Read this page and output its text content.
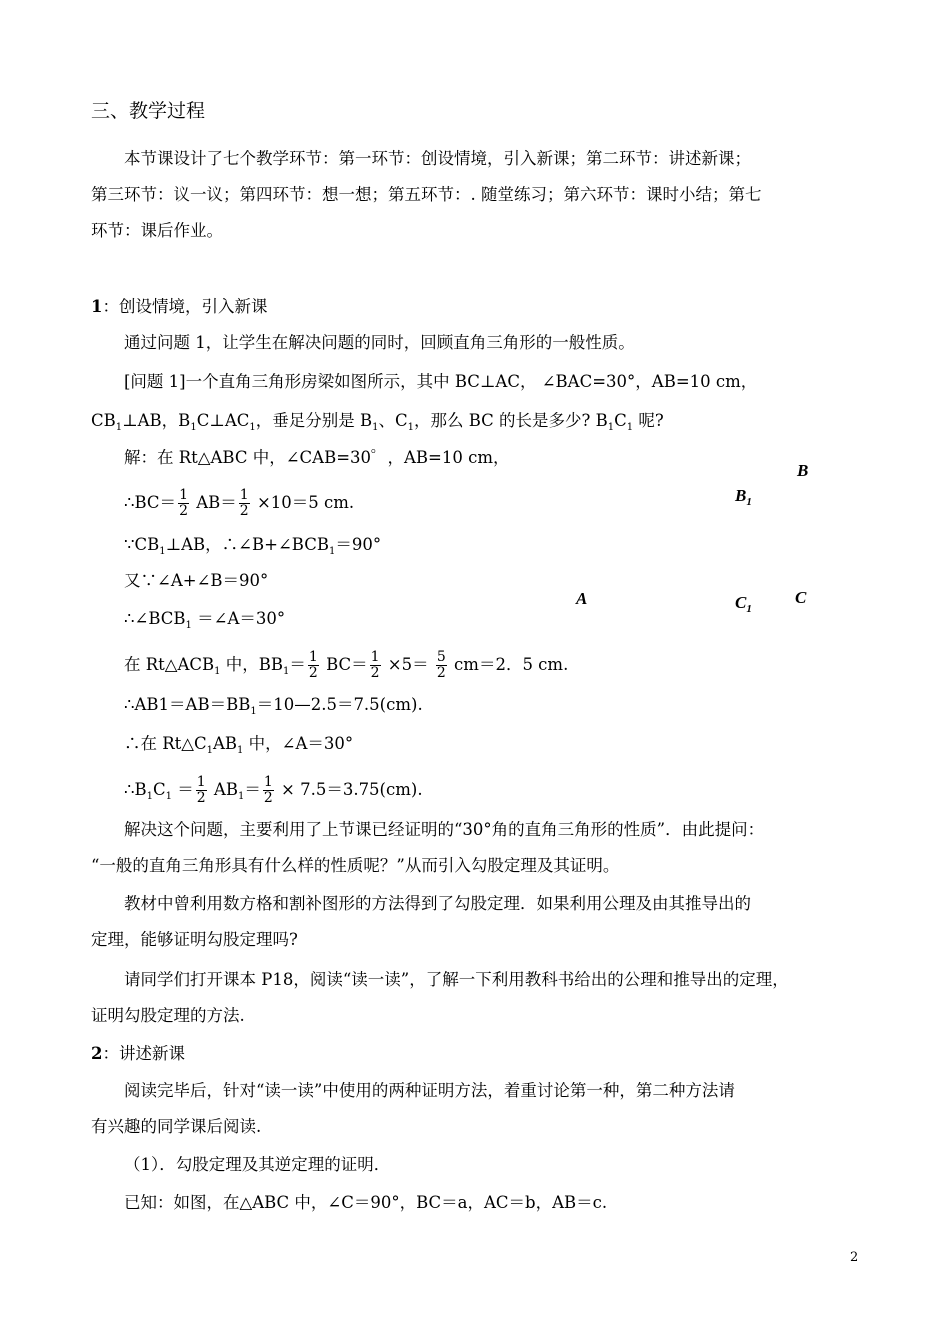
三、教学过程
本节课设计了七个教学环节：第一环节：创设情境，引入新课；第二环节：讲述新课；
第三环节：议一议；第四环节：想一想；第五环节：. 随堂练习；第六环节：课时小结；第七
环节：课后作业。
1：创设情境，引入新课
通过问题 1，让学生在解决问题的同时，回顾直角三角形的一般性质。
[问题 1]一个直角三角形房梁如图所示，其中 BC⊥AC， ∠BAC=30°，AB=10 cm，
$CB_1\perp AB$，$B_1C\perp AC_1$，垂足分别是 $B_1$、$C_1$，那么 BC 的长是多少? $B_1C_1$ 呢?
解：在 Rt△ABC 中，∠CAB=30゜，AB=10 cm，
∴BC＝ $\frac{1}{2} AB= \frac{1}{2} \times 10=5$ cm.
$\because CB_1\perp AB$，$\therefore\angle B+\angle BCB_1=90^\circ$
又∵∠A+∠B＝90°
$\therefore\angle BCB_1$ ＝∠A＝30°
在 $Rt\triangle ACB_1$ 中，$BB_1= \frac{1}{2} BC= \frac{1}{2} \times 5= \frac{5}{2} cm=2$．5 cm.
$\therefore AB1=AB=BB_1=10—2.5=7.5(cm)$.
∴在 $Rt\triangle C_1AB_1$ 中，∠A＝30°
$\therefore B_1C_1 = \frac{1}{2} AB_1= \frac{1}{2} \times 7.5=3.75(cm)$.
B
$B_1$
A	$C_1$
C
解决这个问题，主要利用了上节课已经证明的“30°角的直角三角形的性质”．由此提问：
“一般的直角三角形具有什么样的性质呢？”从而引入勾股定理及其证明。
教材中曾利用数方格和割补图形的方法得到了勾股定理．如果利用公理及由其推导出的
定理，能够证明勾股定理吗?
请同学们打开课本 P18，阅读“读一读”，了解一下利用教科书给出的公理和推导出的定理，
证明勾股定理的方法.
2：讲述新课
阅读完毕后，针对“读一读”中使用的两种证明方法，着重讨论第一种，第二种方法请
有兴趣的同学课后阅读.
（1）．勾股定理及其逆定理的证明．
已知：如图，在△ABC 中，∠C＝90°，BC＝a，AC＝b，AB＝c.
2
